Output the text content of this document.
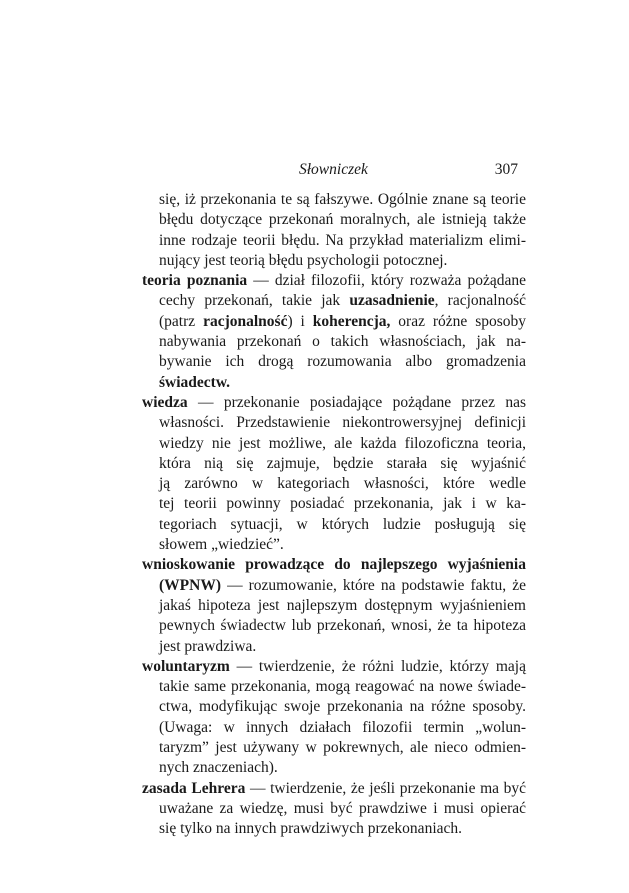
Słowniczek	307
się, iż przekonania te są fałszywe. Ogólnie znane są teorie
błędu dotyczące przekonań moralnych, ale istnieją także
inne rodzaje teorii błędu. Na przykład materializm elimi-
nujący jest teorią błędu psychologii potocznej.
teoria poznania — dział filozofii, który rozważa pożądane
cechy przekonań, takie jak uzasadnienie, racjonalność
(patrz racjonalność) i koherencja, oraz różne sposoby
nabywania przekonań o takich własnościach, jak na-
bywanie ich drogą rozumowania albo gromadzenia
świadectw.
wiedza — przekonanie posiadające pożądane przez nas
własności. Przedstawienie niekontrowersyjnej definicji
wiedzy nie jest możliwe, ale każda filozoficzna teoria,
która nią się zajmuje, będzie starała się wyjaśnić
ją zarówno w kategoriach własności, które wedle
tej teorii powinny posiadać przekonania, jak i w ka-
tegoriach sytuacji, w których ludzie posługują się
słowem „wiedzieć”.
wnioskowanie prowadzące do najlepszego wyjaśnienia
(WPNW) — rozumowanie, które na podstawie faktu, że
jakaś hipoteza jest najlepszym dostępnym wyjaśnieniem
pewnych świadectw lub przekonań, wnosi, że ta hipoteza
jest prawdziwa.
woluntaryzm — twierdzenie, że różni ludzie, którzy mają
takie same przekonania, mogą reagować na nowe świade-
ctwa, modyfikując swoje przekonania na różne sposoby.
(Uwaga: w innych działach filozofii termin „wolun-
taryzm” jest używany w pokrewnych, ale nieco odmien-
nych znaczeniach).
zasada Lehrera — twierdzenie, że jeśli przekonanie ma być
uważane za wiedzę, musi być prawdziwe i musi opierać
się tylko na innych prawdziwych przekonaniach.
